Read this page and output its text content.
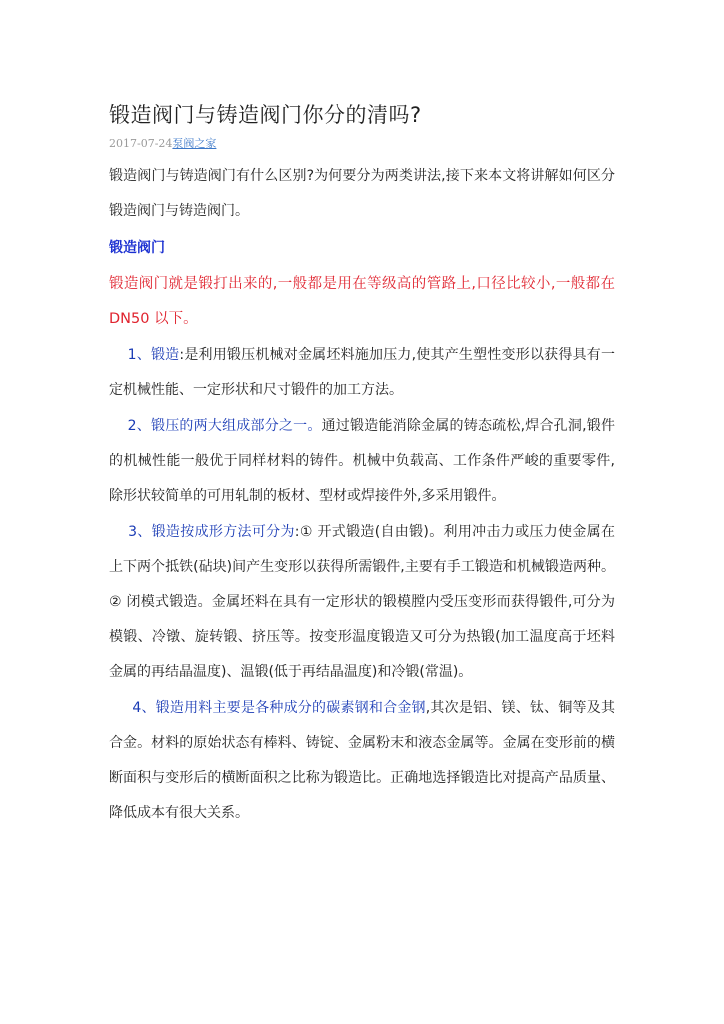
锻造阀门与铸造阀门你分的清吗?
2017-07-24泵阀之家

锻造阀门与铸造阀门有什么区别?为何要分为两类讲法,接下来本文将讲解如何区分锻造阀门与铸造阀门。

锻造阀门

锻造阀门就是锻打出来的,一般都是用在等级高的管路上,口径比较小,一般都在 DN50 以下。

1、锻造:是利用锻压机械对金属坯料施加压力,使其产生塑性变形以获得具有一定机械性能、一定形状和尺寸锻件的加工方法。

2、锻压的两大组成部分之一。通过锻造能消除金属的铸态疏松,焊合孔洞,锻件的机械性能一般优于同样材料的铸件。机械中负载高、工作条件严峻的重要零件,除形状较简单的可用轧制的板材、型材或焊接件外,多采用锻件。

3、锻造按成形方法可分为:① 开式锻造(自由锻)。利用冲击力或压力使金属在上下两个抵铁(砧块)间产生变形以获得所需锻件,主要有手工锻造和机械锻造两种。② 闭模式锻造。金属坯料在具有一定形状的锻模膛内受压变形而获得锻件,可分为模锻、冷镦、旋转锻、挤压等。按变形温度锻造又可分为热锻(加工温度高于坯料金属的再结晶温度)、温锻(低于再结晶温度)和冷锻(常温)。

4、锻造用料主要是各种成分的碳素钢和合金钢,其次是铝、镁、钛、铜等及其合金。材料的原始状态有棒料、铸锭、金属粉末和液态金属等。金属在变形前的横断面积与变形后的横断面积之比称为锻造比。正确地选择锻造比对提高产品质量、降低成本有很大关系。
